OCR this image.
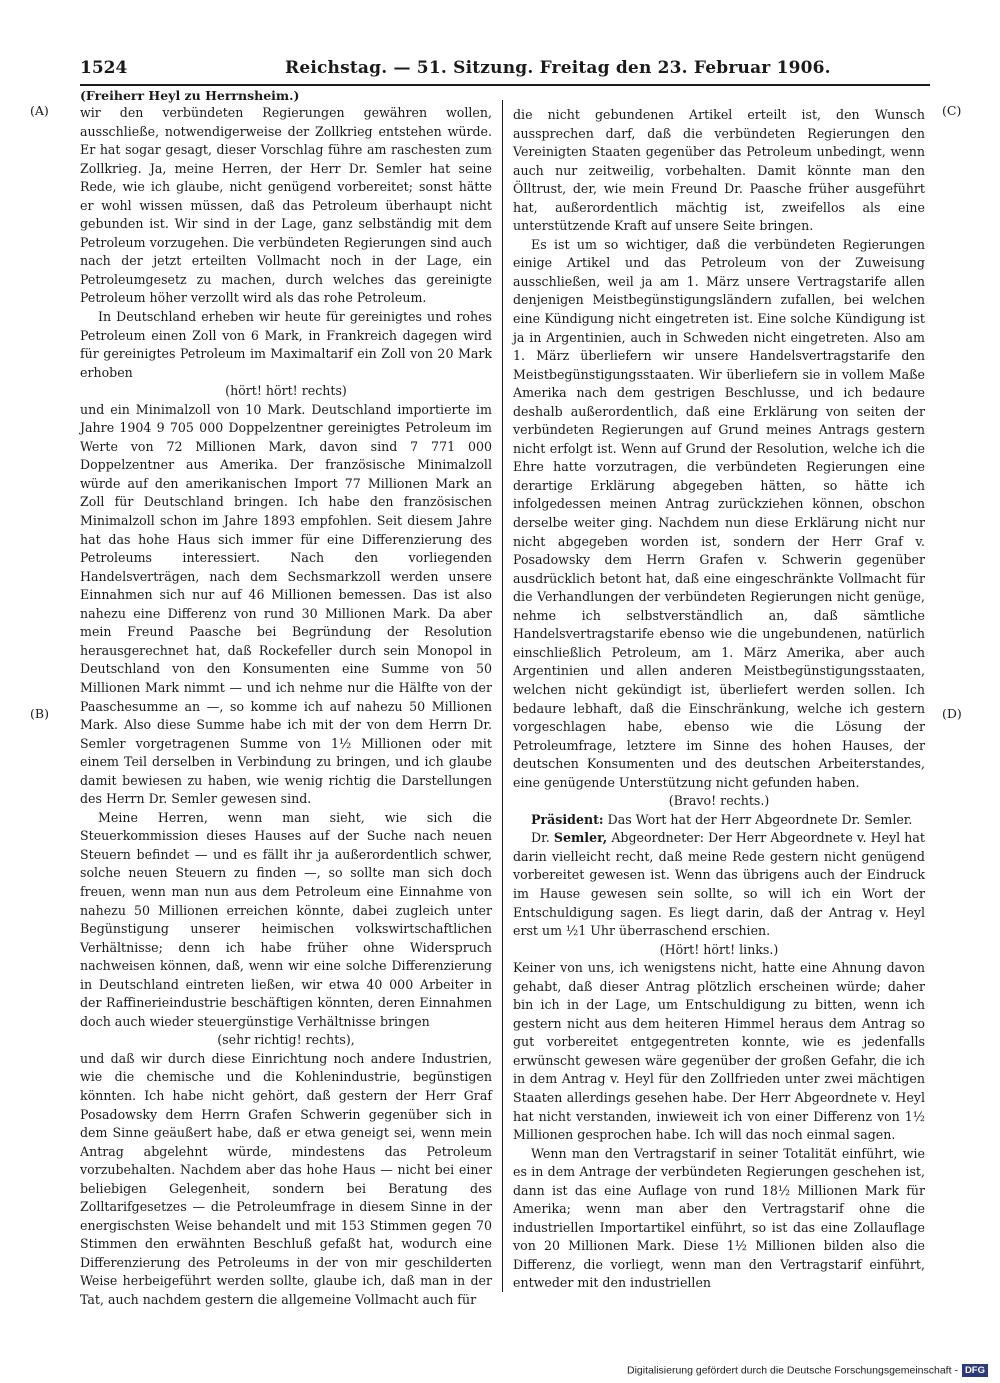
1524	Reichstag. — 51. Sitzung. Freitag den 23. Februar 1906.
(Freiherr Heyl zu Herrnsheim.)
(A)
(B)
(C)
(D)

wir den verbündeten Regierungen gewähren wollen, ausschließe, notwendigerweise der Zollkrieg entstehen würde. Er hat sogar gesagt, dieser Vorschlag führe am raschesten zum Zollkrieg. Ja, meine Herren, der Herr Dr. Semler hat seine Rede, wie ich glaube, nicht genügend vorbereitet; sonst hätte er wohl wissen müssen, daß das Petroleum überhaupt nicht gebunden ist. Wir sind in der Lage, ganz selbständig mit dem Petroleum vorzugehen. Die verbündeten Regierungen sind auch nach der jetzt erteilten Vollmacht noch in der Lage, ein Petroleumgesetz zu machen, durch welches das gereinigte Petroleum höher verzollt wird als das rohe Petroleum.

In Deutschland erheben wir heute für gereinigtes und rohes Petroleum einen Zoll von 6 Mark, in Frankreich dagegen wird für gereinigtes Petroleum im Maximaltarif ein Zoll von 20 Mark erhoben

(hört! hört! rechts)

und ein Minimalzoll von 10 Mark. Deutschland importierte im Jahre 1904 9 705 000 Doppelzentner gereinigtes Petroleum im Werte von 72 Millionen Mark, davon sind 7 771 000 Doppelzentner aus Amerika. Der französische Minimalzoll würde auf den amerikanischen Import 77 Millionen Mark an Zoll für Deutschland bringen. Ich habe den französischen Minimalzoll schon im Jahre 1893 empfohlen. Seit diesem Jahre hat das hohe Haus sich immer für eine Differenzierung des Petroleums interessiert. Nach den vorliegenden Handelsverträgen, nach dem Sechsmarkzoll werden unsere Einnahmen sich nur auf 46 Millionen bemessen. Das ist also nahezu eine Differenz von rund 30 Millionen Mark. Da aber mein Freund Paasche bei Begründung der Resolution herausgerechnet hat, daß Rockefeller durch sein Monopol in Deutschland von den Konsumenten eine Summe von 50 Millionen Mark nimmt — und ich nehme nur die Hälfte von der Paaschesumme an —, so komme ich auf nahezu 50 Millionen Mark. Also diese Summe habe ich mit der von dem Herrn Dr. Semler vorgetragenen Summe von 1½ Millionen oder mit einem Teil derselben in Verbindung zu bringen, und ich glaube damit bewiesen zu haben, wie wenig richtig die Darstellungen des Herrn Dr. Semler gewesen sind.

Meine Herren, wenn man sieht, wie sich die Steuerkommission dieses Hauses auf der Suche nach neuen Steuern befindet — und es fällt ihr ja außerordentlich schwer, solche neuen Steuern zu finden —, so sollte man sich doch freuen, wenn man nun aus dem Petroleum eine Einnahme von nahezu 50 Millionen erreichen könnte, dabei zugleich unter Begünstigung unserer heimischen volkswirtschaftlichen Verhältnisse; denn ich habe früher ohne Widerspruch nachweisen können, daß, wenn wir eine solche Differenzierung in Deutschland eintreten ließen, wir etwa 40 000 Arbeiter in der Raffinerieindustrie beschäftigen könnten, deren Einnahmen doch auch wieder steuergünstige Verhältnisse bringen

(sehr richtig! rechts),

und daß wir durch diese Einrichtung noch andere Industrien, wie die chemische und die Kohlenindustrie, begünstigen könnten. Ich habe nicht gehört, daß gestern der Herr Graf Posadowsky dem Herrn Grafen Schwerin gegenüber sich in dem Sinne geäußert habe, daß er etwa geneigt sei, wenn mein Antrag abgelehnt würde, mindestens das Petroleum vorzubehalten. Nachdem aber das hohe Haus — nicht bei einer beliebigen Gelegenheit, sondern bei Beratung des Zolltarifgesetzes — die Petroleumfrage in diesem Sinne in der energischsten Weise behandelt und mit 153 Stimmen gegen 70 Stimmen den erwähnten Beschluß gefaßt hat, wodurch eine Differenzierung des Petroleums in der von mir geschilderten Weise herbeigeführt werden sollte, glaube ich, daß man in der Tat, auch nachdem gestern die allgemeine Vollmacht auch für

die nicht gebundenen Artikel erteilt ist, den Wunsch aussprechen darf, daß die verbündeten Regierungen den Vereinigten Staaten gegenüber das Petroleum unbedingt, wenn auch nur zeitweilig, vorbehalten. Damit könnte man den Ölltrust, der, wie mein Freund Dr. Paasche früher ausgeführt hat, außerordentlich mächtig ist, zweifellos als eine unterstützende Kraft auf unsere Seite bringen.

Es ist um so wichtiger, daß die verbündeten Regierungen einige Artikel und das Petroleum von der Zuweisung ausschließen, weil ja am 1. März unsere Vertragstarife allen denjenigen Meistbegünstigungsländern zufallen, bei welchen eine Kündigung nicht eingetreten ist. Eine solche Kündigung ist ja in Argentinien, auch in Schweden nicht eingetreten. Also am 1. März überliefern wir unsere Handelsvertragstarife den Meistbegünstigungsstaaten. Wir überliefern sie in vollem Maße Amerika nach dem gestrigen Beschlusse, und ich bedaure deshalb außerordentlich, daß eine Erklärung von seiten der verbündeten Regierungen auf Grund meines Antrags gestern nicht erfolgt ist. Wenn auf Grund der Resolution, welche ich die Ehre hatte vorzutragen, die verbündeten Regierungen eine derartige Erklärung abgegeben hätten, so hätte ich infolgedessen meinen Antrag zurückziehen können, obschon derselbe weiter ging. Nachdem nun diese Erklärung nicht nur nicht abgegeben worden ist, sondern der Herr Graf v. Posadowsky dem Herrn Grafen v. Schwerin gegenüber ausdrücklich betont hat, daß eine eingeschränkte Vollmacht für die Verhandlungen der verbündeten Regierungen nicht genüge, nehme ich selbstverständlich an, daß sämtliche Handelsvertragstarife ebenso wie die ungebundenen, natürlich einschließlich Petroleum, am 1. März Amerika, aber auch Argentinien und allen anderen Meistbegünstigungsstaaten, welchen nicht gekündigt ist, überliefert werden sollen. Ich bedaure lebhaft, daß die Einschränkung, welche ich gestern vorgeschlagen habe, ebenso wie die Lösung der Petroleumfrage, letztere im Sinne des hohen Hauses, der deutschen Konsumenten und des deutschen Arbeiterstandes, eine genügende Unterstützung nicht gefunden haben.

(Bravo! rechts.)

Präsident: Das Wort hat der Herr Abgeordnete Dr. Semler.

Dr. Semler, Abgeordneter: Der Herr Abgeordnete v. Heyl hat darin vielleicht recht, daß meine Rede gestern nicht genügend vorbereitet gewesen ist. Wenn das übrigens auch der Eindruck im Hause gewesen sein sollte, so will ich ein Wort der Entschuldigung sagen. Es liegt darin, daß der Antrag v. Heyl erst um ½1 Uhr überraschend erschien.

(Hört! hört! links.)

Keiner von uns, ich wenigstens nicht, hatte eine Ahnung davon gehabt, daß dieser Antrag plötzlich erscheinen würde; daher bin ich in der Lage, um Entschuldigung zu bitten, wenn ich gestern nicht aus dem heiteren Himmel heraus dem Antrag so gut vorbereitet entgegentreten konnte, wie es jedenfalls erwünscht gewesen wäre gegenüber der großen Gefahr, die ich in dem Antrag v. Heyl für den Zollfrieden unter zwei mächtigen Staaten allerdings gesehen habe. Der Herr Abgeordnete v. Heyl hat nicht verstanden, inwieweit ich von einer Differenz von 1½ Millionen gesprochen habe. Ich will das noch einmal sagen.

Wenn man den Vertragstarif in seiner Totalität einführt, wie es in dem Antrage der verbündeten Regierungen geschehen ist, dann ist das eine Auflage von rund 18½ Millionen Mark für Amerika; wenn man aber den Vertragstarif ohne die industriellen Importartikel einführt, so ist das eine Zollauflage von 20 Millionen Mark. Diese 1½ Millionen bilden also die Differenz, die vorliegt, wenn man den Vertragstarif einführt, entweder mit den industriellen

Digitalisierung gefördert durch die Deutsche Forschungsgemeinschaft - DFG
